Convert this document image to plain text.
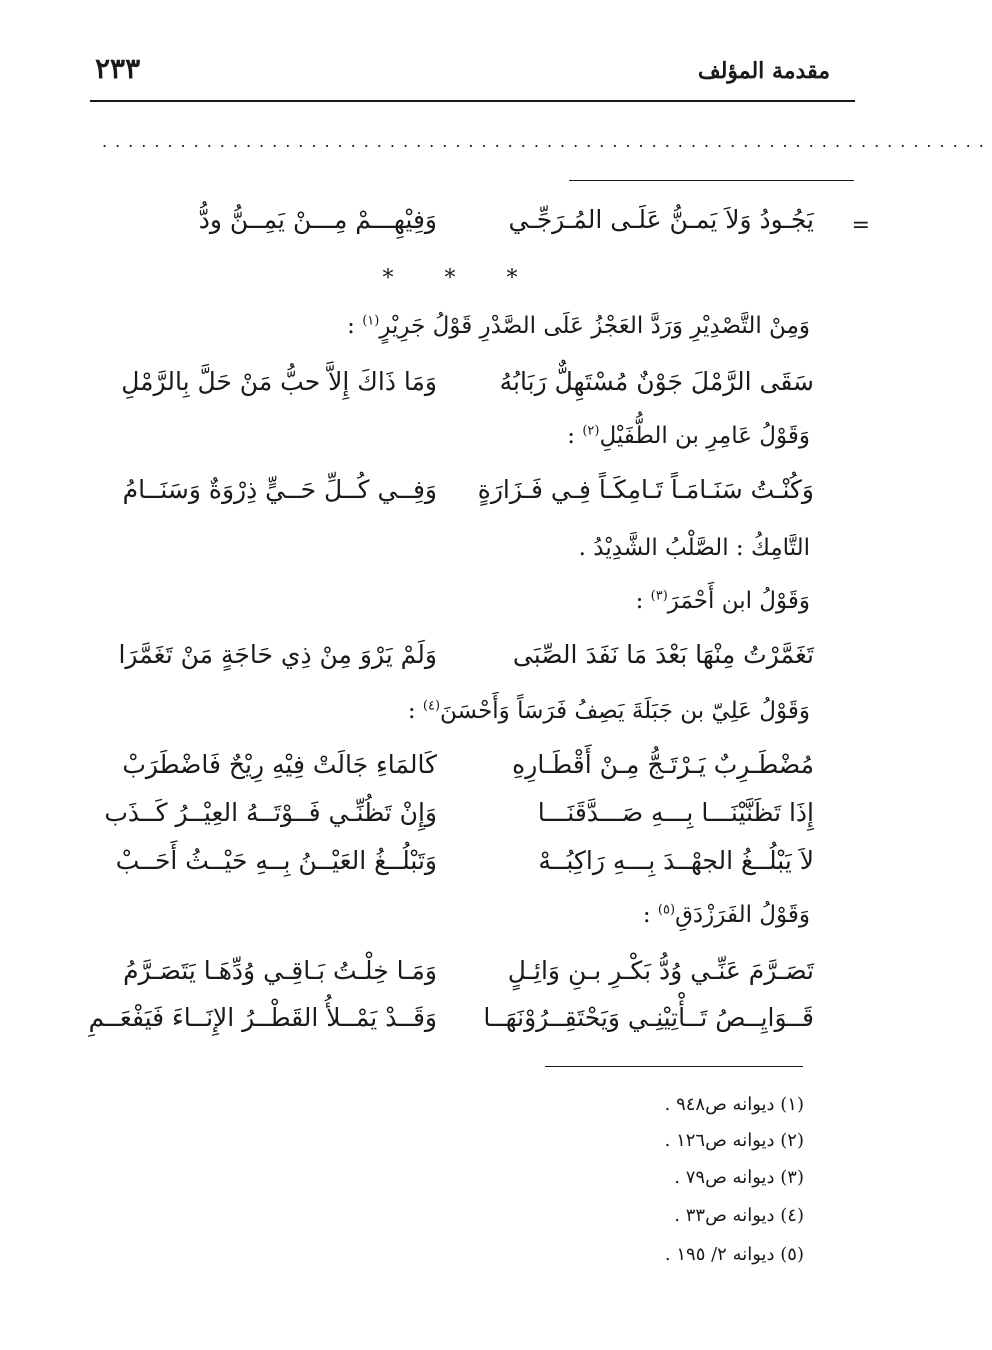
مقدمة المؤلف
٢٣٣
....................................................................
=
يَجُـودُ وَلاَ يَمـنُّ عَلَـى المُـرَجِّـي
وَفِيْهِـــمْ مِـــنْ يَمِــنُّ ودُّ
* * *
وَمِنْ التَّصْدِيْرِ وَرَدَّ العَجْزُ عَلَى الصَّدْرِ قَوْلُ جَرِيْرٍ$^{(١)}$ :
سَقَى الرَّمْلَ جَوْنٌ مُسْتَهِلٌّ رَبَابُهُ
وَمَا ذَاكَ إِلاَّ حبُّ مَنْ حَلَّ بِالرَّمْلِ
وَقَوْلُ عَامِرِ بن الطُّفَيْلِ$^{(٢)}$ :
وَكُنْـتُ سَنَـامَـاً تَـامِكَـاً فِـي فَـزَارَةٍ
وَفِــي كُــلِّ حَــيٍّ ذِرْوَةٌ وَسَنَــامُ
التَّامِكُ : الصَّلْبُ الشَّدِيْدُ .
وَقَوْلُ ابن أَحْمَرَ$^{(٣)}$ :
تَغَمَّرْتُ مِنْهَا بَعْدَ مَا نَفَدَ الصِّبَى
وَلَمْ يَرْوَ مِنْ ذِي حَاجَةٍ مَنْ تَغَمَّرَا
وَقَوْلُ عَلِيّ بن جَبَلَةَ يَصِفُ فَرَسَاً وَأَحْسَنَ$^{(٤)}$ :
مُضْطَـرِبٌ يَـرْتَـجُّ مِـنْ أَقْطَـارِهِ
كَالمَاءِ جَالَتْ فِيْهِ رِيْحٌ فَاضْطَرَبْ
إِذَا تَظَنَّيْنَـــا بِـــهِ صَـــدَّقَنَـــا
وَإِنْ تَظُنِّـي فَــوْتَــهُ العِيْــرُ كَــذَب
لاَ يَبْلُــغُ الجهْــدَ بِـــهِ رَاكِبُــهْ
وَتَبْلُــغُ العَيْــنُ بِــهِ حَيْــثُ أَحَــبْ
وَقَوْلُ الفَرَزْدَقِ$^{(٥)}$ :
تَصَـرَّمَ عَنِّـي وُدُّ بَكْـرِ بـنِ وَائِـلٍ
وَمَـا خِلْـتُ بَـاقِـي وُدِّهَـا يَتَصَـرَّمُ
قَــوَايِــصُ تَــأْتِيْنِـي وَيَحْتَقِــرُوْنَهَــا
وَقَــدْ يَمْــلأُ القَطْــرُ الإِنَــاءَ فَيَفْعَــمِ
(١) ديوانه ص٩٤٨ .
(٢) ديوانه ص١٢٦ .
(٣) ديوانه ص٧٩ .
(٤) ديوانه ص٣٣ .
(٥) ديوانه ٢/ ١٩٥ .
